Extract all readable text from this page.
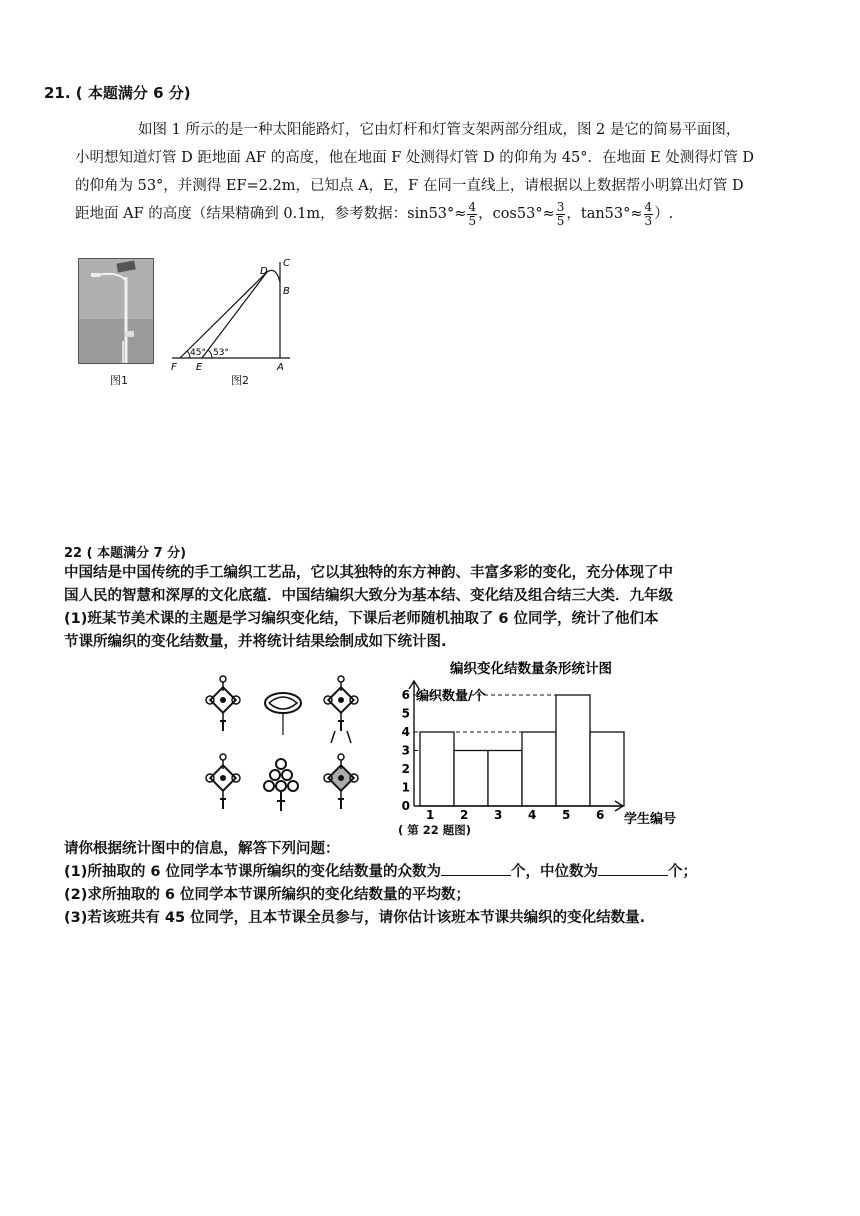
21. ( 本题满分 6 分)
如图 1 所示的是一种太阳能路灯，它由灯杆和灯管支架两部分组成，图 2 是它的简易平面图，
小明想知道灯管 D 距地面 AF 的高度，他在地面 F 处测得灯管 D 的仰角为 45°．在地面 E 处测得灯管 D
的仰角为 53°，并测得 EF=2.2m，已知点 A，E，F 在同一直线上，请根据以上数据帮小明算出灯管 D
距地面 AF 的高度（结果精确到 0.1m，参考数据：$\sin 53^\circ\approx \frac{4}{5}$ ，$\cos 53^\circ\approx \frac{3}{5}$ ，$\tan 53^\circ\approx \frac{4}{3}$ ）.
图1
D
C
B
A
F E
45° 53°
图2
22 ( 本题满分 7 分)
中国结是中国传统的手工编织工艺品，它以其独特的东方神韵、丰富多彩的变化，充分体现了中
国人民的智慧和深厚的文化底蕴．中国结编织大致分为基本结、变化结及组合结三大类．九年级
(1)班某节美术课的主题是学习编织变化结，下课后老师随机抽取了 6 位同学，统计了他们本
节课所编织的变化结数量，并将统计结果绘制成如下统计图.
编织变化结数量条形统计图
编织数量/个
学生编号
0
1
2
3
4
5
6
1 2 3 4 5 6
( 第 22 题图)
请你根据统计图中的信息，解答下列问题：
(1)所抽取的 6 位同学本节课所编织的变化结数量的众数为	个，中位数为	个；
(2)求所抽取的 6 位同学本节课所编织的变化结数量的平均数；
(3)若该班共有 45 位同学，且本节课全员参与，请你估计该班本节课共编织的变化结数量.
